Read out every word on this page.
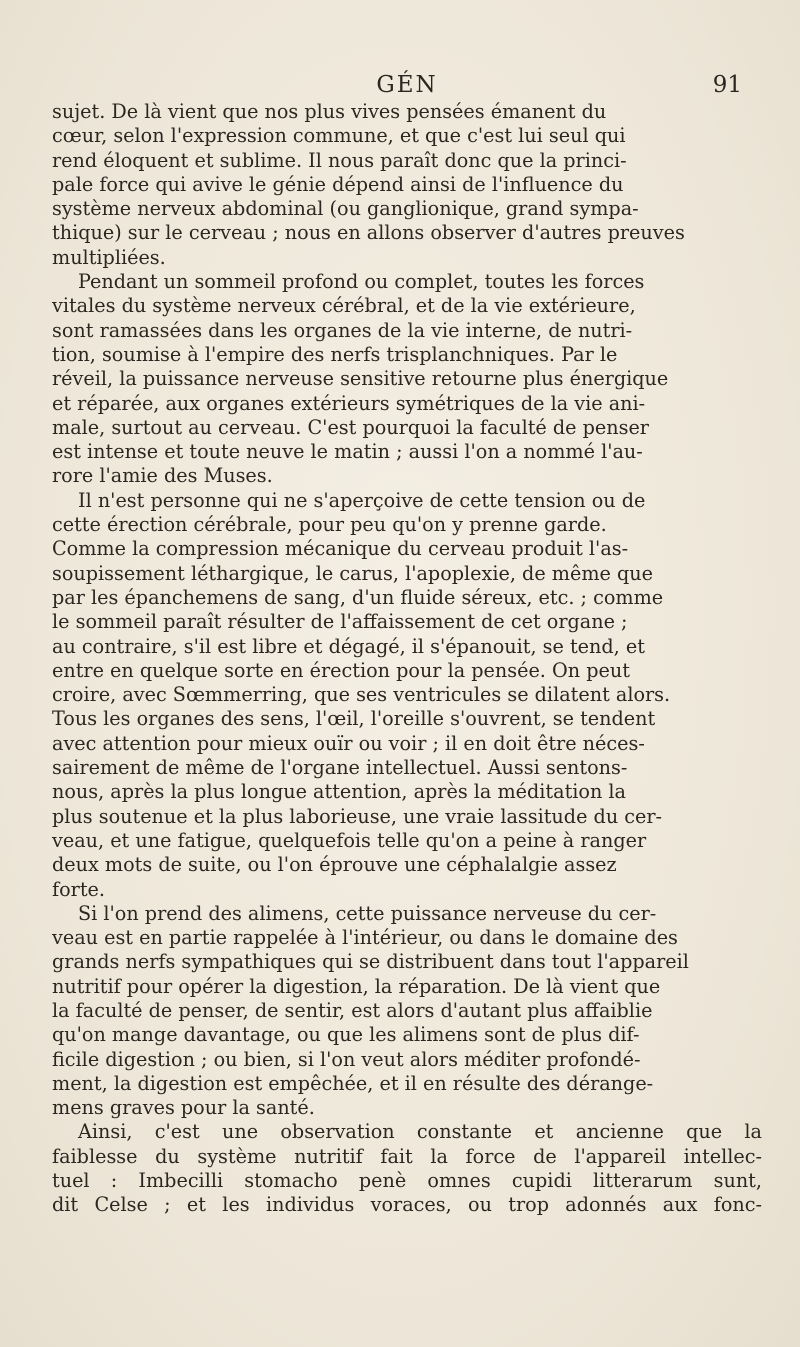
GÉN	91

sujet. De là vient que nos plus vives pensées émanent du
cœur, selon l'expression commune, et que c'est lui seul qui
rend éloquent et sublime. Il nous paraît donc que la princi-
pale force qui avive le génie dépend ainsi de l'influence du
système nerveux abdominal (ou ganglionique, grand sympa-
thique) sur le cerveau ; nous en allons observer d'autres preuves
multipliées.

Pendant un sommeil profond ou complet, toutes les forces
vitales du système nerveux cérébral, et de la vie extérieure,
sont ramassées dans les organes de la vie interne, de nutri-
tion, soumise à l'empire des nerfs trisplanchniques. Par le
réveil, la puissance nerveuse sensitive retourne plus énergique
et réparée, aux organes extérieurs symétriques de la vie ani-
male, surtout au cerveau. C'est pourquoi la faculté de penser
est intense et toute neuve le matin ; aussi l'on a nommé l'au-
rore l'amie des Muses.

Il n'est personne qui ne s'aperçoive de cette tension ou de
cette érection cérébrale, pour peu qu'on y prenne garde.
Comme la compression mécanique du cerveau produit l'as-
soupissement léthargique, le carus, l'apoplexie, de même que
par les épanchemens de sang, d'un fluide séreux, etc. ; comme
le sommeil paraît résulter de l'affaissement de cet organe ;
au contraire, s'il est libre et dégagé, il s'épanouit, se tend, et
entre en quelque sorte en érection pour la pensée. On peut
croire, avec Sœmmerring, que ses ventricules se dilatent alors.
Tous les organes des sens, l'œil, l'oreille s'ouvrent, se tendent
avec attention pour mieux ouïr ou voir ; il en doit être néces-
sairement de même de l'organe intellectuel. Aussi sentons-
nous, après la plus longue attention, après la méditation la
plus soutenue et la plus laborieuse, une vraie lassitude du cer-
veau, et une fatigue, quelquefois telle qu'on a peine à ranger
deux mots de suite, ou l'on éprouve une céphalalgie assez
forte.

Si l'on prend des alimens, cette puissance nerveuse du cer-
veau est en partie rappelée à l'intérieur, ou dans le domaine des
grands nerfs sympathiques qui se distribuent dans tout l'appareil
nutritif pour opérer la digestion, la réparation. De là vient que
la faculté de penser, de sentir, est alors d'autant plus affaiblie
qu'on mange davantage, ou que les alimens sont de plus dif-
ficile digestion ; ou bien, si l'on veut alors méditer profondé-
ment, la digestion est empêchée, et il en résulte des dérange-
mens graves pour la santé.

Ainsi, c'est une observation constante et ancienne que la
faiblesse du système nutritif fait la force de l'appareil intellec-
tuel : Imbecilli stomacho penè omnes cupidi litterarum sunt,
dit Celse ; et les individus voraces, ou trop adonnés aux fonc-
